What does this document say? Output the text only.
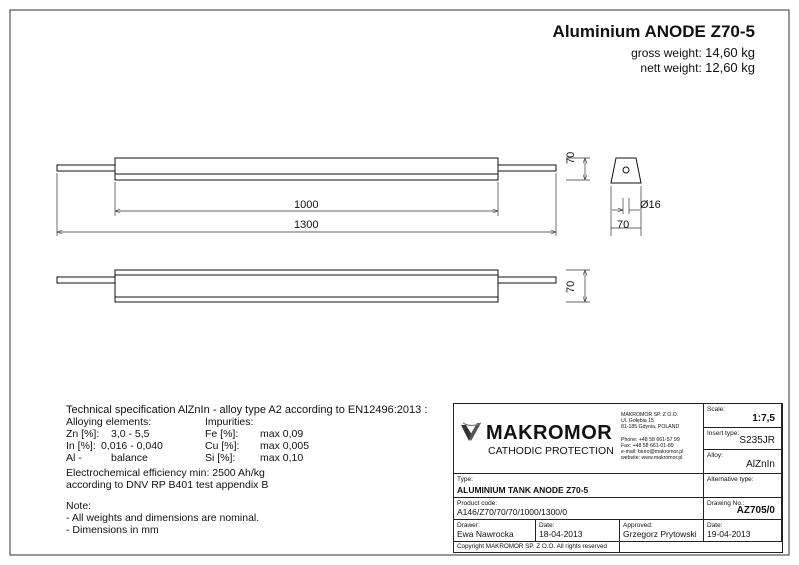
Aluminium ANODE Z70-5
gross weight: 14,60 kg
nett weight: 12,60 kg
1000
1300
70
70
Ø16
70
Technical specification AlZnIn - alloy type A2 according to EN12496:2013 :
Alloying elements:	Impurities:
Zn [%]: 3,0 - 5,5
In [%]: 0,016 - 0,040
Al -	balance
Fe [%]: max 0,09
Cu [%]: max 0,005
Si [%]: max 0,10
Electrochemical efficiency min: 2500 Ah/kg
according to DNV RP B401 test appendix B
Note:
- All weights and dimensions are nominal.
- Dimensions in mm
MAKROMOR
CATHODIC PROTECTION
MAKROMOR SP. Z O.O.
Ul. Gołębia 15
81-185 Gdynia, POLAND
Phone: +48 58 661-57 99
Fax: +48 58 661-01-89
e-mail: biuro@makromor.pl
website: www.makromor.pl
Scale:
1:7,5
Insert type:
S235JR
Alloy:
AlZnIn
Type:
ALUMINIUM TANK ANODE Z70-5
Alternative type:
Product code:
A146/Z70/70/70/1000/1300/0
Drawing No.:
AZ705/0
Drawer:
Ewa Nawrocka
Date:
18-04-2013
Approved:
Grzegorz Prytowski
Date:
19-04-2013
Copyright MAKROMOR SP. Z O.O. All rights reserved
